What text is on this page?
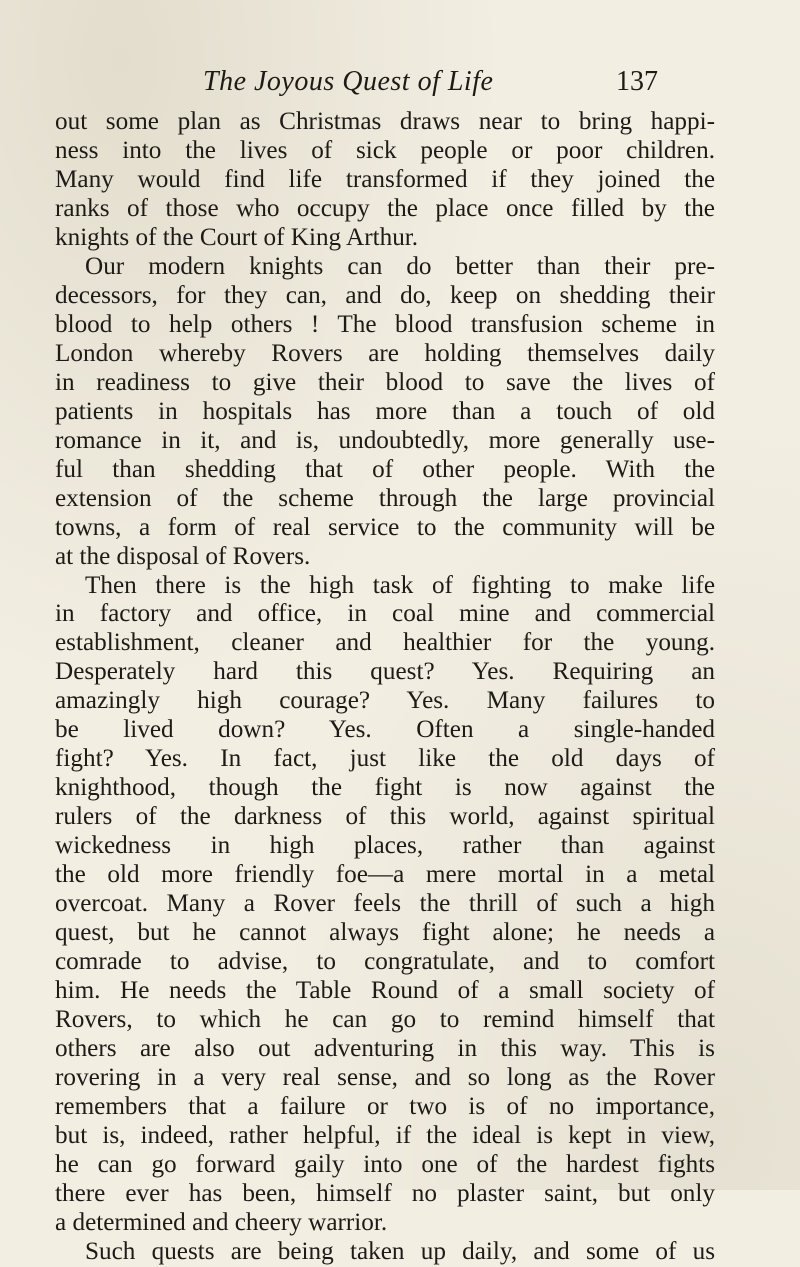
The Joyous Quest of Life	137
out some plan as Christmas draws near to bring happi-
ness into the lives of sick people or poor children.
Many would find life transformed if they joined the
ranks of those who occupy the place once filled by the
knights of the Court of King Arthur.
Our modern knights can do better than their pre-
decessors, for they can, and do, keep on shedding their
blood to help others ! The blood transfusion scheme in
London whereby Rovers are holding themselves daily
in readiness to give their blood to save the lives of
patients in hospitals has more than a touch of old
romance in it, and is, undoubtedly, more generally use-
ful than shedding that of other people. With the
extension of the scheme through the large provincial
towns, a form of real service to the community will be
at the disposal of Rovers.
Then there is the high task of fighting to make life
in factory and office, in coal mine and commercial
establishment, cleaner and healthier for the young.
Desperately hard this quest? Yes. Requiring an
amazingly high courage? Yes. Many failures to
be lived down? Yes. Often a single-handed
fight? Yes. In fact, just like the old days of
knighthood, though the fight is now against the
rulers of the darkness of this world, against spiritual
wickedness in high places, rather than against
the old more friendly foe—a mere mortal in a metal
overcoat. Many a Rover feels the thrill of such a high
quest, but he cannot always fight alone; he needs a
comrade to advise, to congratulate, and to comfort
him. He needs the Table Round of a small society of
Rovers, to which he can go to remind himself that
others are also out adventuring in this way. This is
rovering in a very real sense, and so long as the Rover
remembers that a failure or two is of no importance,
but is, indeed, rather helpful, if the ideal is kept in view,
he can go forward gaily into one of the hardest fights
there ever has been, himself no plaster saint, but only
a determined and cheery warrior.
Such quests are being taken up daily, and some of us
